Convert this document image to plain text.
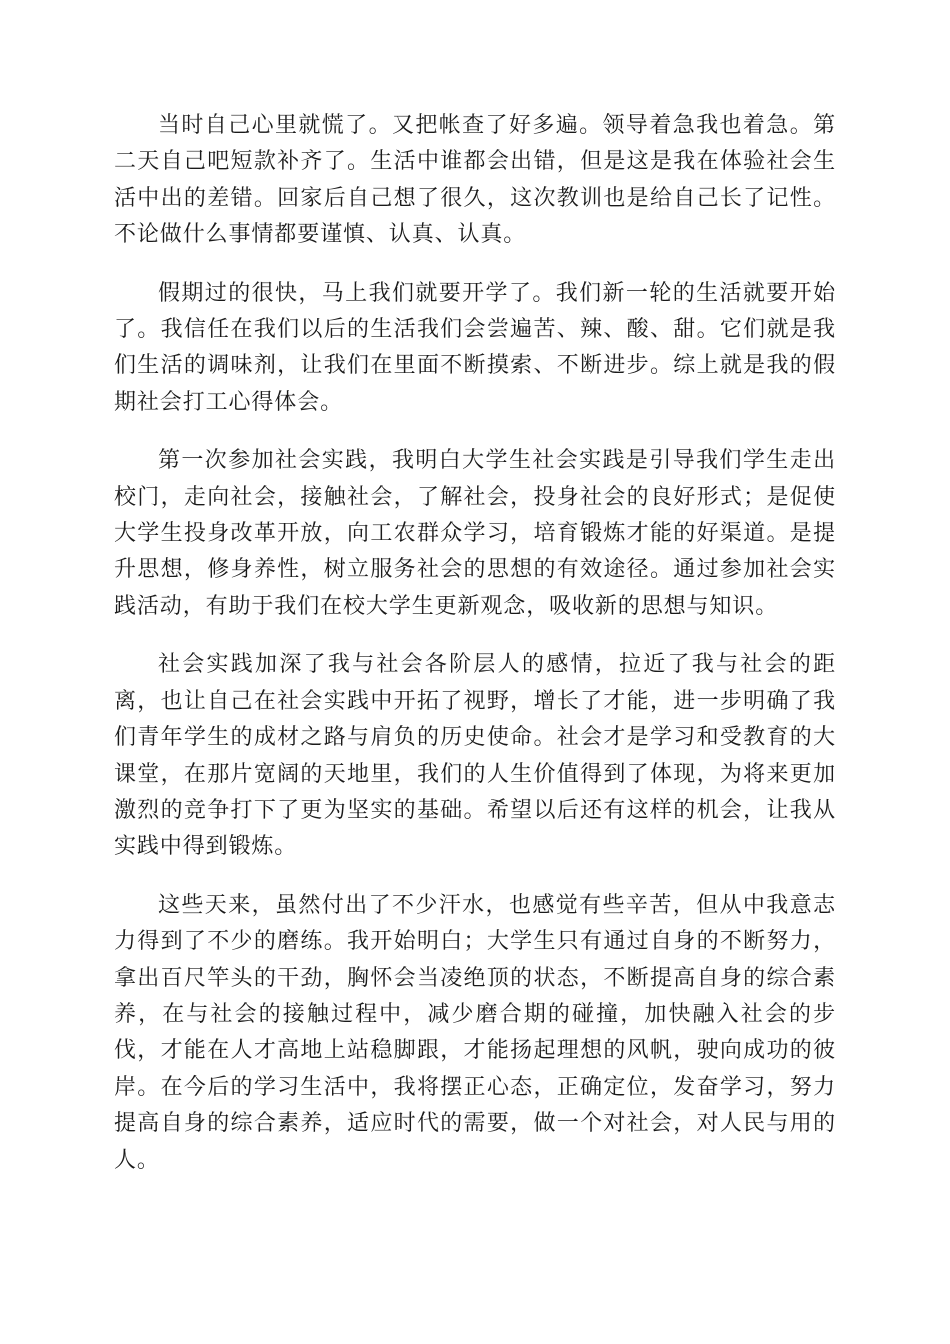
当时自己心里就慌了。又把帐查了好多遍。领导着急我也着急。第二天自己吧短款补齐了。生活中谁都会出错，但是这是我在体验社会生活中出的差错。回家后自己想了很久，这次教训也是给自己长了记性。不论做什么事情都要谨慎、认真、认真。

假期过的很快，马上我们就要开学了。我们新一轮的生活就要开始了。我信任在我们以后的生活我们会尝遍苦、辣、酸、甜。它们就是我们生活的调味剂，让我们在里面不断摸索、不断进步。综上就是我的假期社会打工心得体会。

第一次参加社会实践，我明白大学生社会实践是引导我们学生走出校门，走向社会，接触社会，了解社会，投身社会的良好形式；是促使大学生投身改革开放，向工农群众学习，培育锻炼才能的好渠道。是提升思想，修身养性，树立服务社会的思想的有效途径。通过参加社会实践活动，有助于我们在校大学生更新观念，吸收新的思想与知识。

社会实践加深了我与社会各阶层人的感情，拉近了我与社会的距离，也让自己在社会实践中开拓了视野，增长了才能，进一步明确了我们青年学生的成材之路与肩负的历史使命。社会才是学习和受教育的大课堂，在那片宽阔的天地里，我们的人生价值得到了体现，为将来更加激烈的竞争打下了更为坚实的基础。希望以后还有这样的机会，让我从实践中得到锻炼。

这些天来，虽然付出了不少汗水，也感觉有些辛苦，但从中我意志力得到了不少的磨练。我开始明白；大学生只有通过自身的不断努力，拿出百尺竿头的干劲，胸怀会当凌绝顶的状态，不断提高自身的综合素养，在与社会的接触过程中，减少磨合期的碰撞，加快融入社会的步伐，才能在人才高地上站稳脚跟，才能扬起理想的风帆，驶向成功的彼岸。在今后的学习生活中，我将摆正心态，正确定位，发奋学习，努力提高自身的综合素养，适应时代的需要，做一个对社会，对人民与用的人。
